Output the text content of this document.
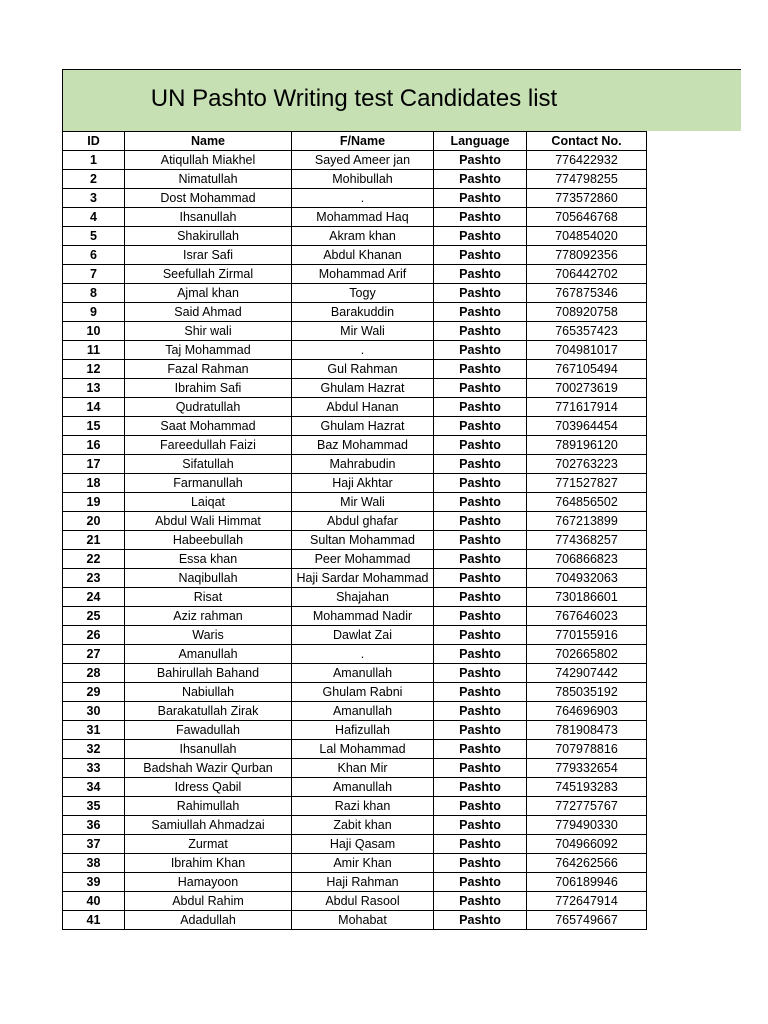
UN Pashto Writing test Candidates list
ID	Name	F/Name	Language	Contact No.
1	Atiqullah Miakhel	Sayed Ameer jan	Pashto	776422932
2	Nimatullah	Mohibullah	Pashto	774798255
3	Dost Mohammad	.	Pashto	773572860
4	Ihsanullah	Mohammad Haq	Pashto	705646768
5	Shakirullah	Akram khan	Pashto	704854020
6	Israr Safi	Abdul Khanan	Pashto	778092356
7	Seefullah Zirmal	Mohammad Arif	Pashto	706442702
8	Ajmal khan	Togy	Pashto	767875346
9	Said Ahmad	Barakuddin	Pashto	708920758
10	Shir wali	Mir Wali	Pashto	765357423
11	Taj Mohammad	.	Pashto	704981017
12	Fazal Rahman	Gul Rahman	Pashto	767105494
13	Ibrahim Safi	Ghulam Hazrat	Pashto	700273619
14	Qudratullah	Abdul Hanan	Pashto	771617914
15	Saat Mohammad	Ghulam Hazrat	Pashto	703964454
16	Fareedullah Faizi	Baz Mohammad	Pashto	789196120
17	Sifatullah	Mahrabudin	Pashto	702763223
18	Farmanullah	Haji Akhtar	Pashto	771527827
19	Laiqat	Mir Wali	Pashto	764856502
20	Abdul Wali Himmat	Abdul ghafar	Pashto	767213899
21	Habeebullah	Sultan Mohammad	Pashto	774368257
22	Essa khan	Peer Mohammad	Pashto	706866823
23	Naqibullah	Haji Sardar Mohammad	Pashto	704932063
24	Risat	Shajahan	Pashto	730186601
25	Aziz rahman	Mohammad Nadir	Pashto	767646023
26	Waris	Dawlat Zai	Pashto	770155916
27	Amanullah	.	Pashto	702665802
28	Bahirullah Bahand	Amanullah	Pashto	742907442
29	Nabiullah	Ghulam Rabni	Pashto	785035192
30	Barakatullah Zirak	Amanullah	Pashto	764696903
31	Fawadullah	Hafizullah	Pashto	781908473
32	Ihsanullah	Lal Mohammad	Pashto	707978816
33	Badshah Wazir Qurban	Khan Mir	Pashto	779332654
34	Idress Qabil	Amanullah	Pashto	745193283
35	Rahimullah	Razi khan	Pashto	772775767
36	Samiullah Ahmadzai	Zabit khan	Pashto	779490330
37	Zurmat	Haji Qasam	Pashto	704966092
38	Ibrahim Khan	Amir Khan	Pashto	764262566
39	Hamayoon	Haji Rahman	Pashto	706189946
40	Abdul Rahim	Abdul Rasool	Pashto	772647914
41	Adadullah	Mohabat	Pashto	765749667
